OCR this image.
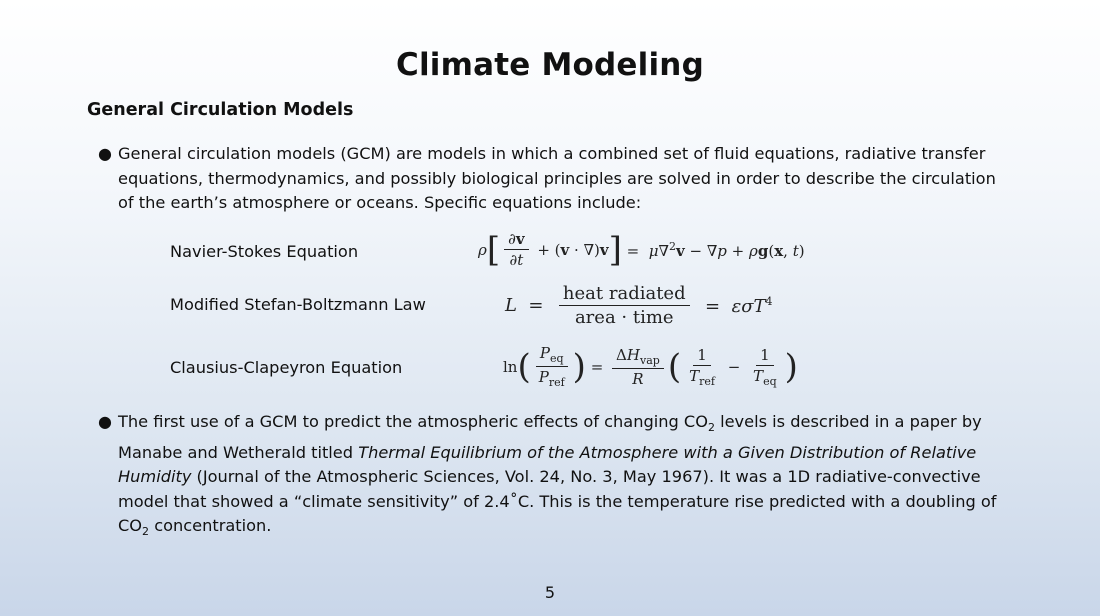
Climate Modeling
General Circulation Models
● General circulation models (GCM) are models in which a combined set of fluid equations, radiative transfer equations, thermodynamics, and possibly biological principles are solved in order to describe the circulation of the earth’s atmosphere or oceans. Specific equations include:
Navier-Stokes Equation	ρ [ $\frac{\partial v}{\partial t} + (v \cdot \nabla)v$ ] =  μ∇$^2$v − ∇p + ρg(x, t)
Modified Stefan-Boltzmann Law	$L = \frac{\text{heat radiated}}{\text{area · time}} = \varepsilon\sigma T^4$
Clausius-Clapeyron Equation	ln ( $\frac{P_{eq}}{P_{ref}}$ ) = $\frac{\Delta H_{vap}}{R}$ ( $\frac{1}{T_{ref}} - \frac{1}{T_{eq}}$ )
● The first use of a GCM to predict the atmospheric effects of changing $CO_2$ levels is described in a paper by Manabe and Wetherald titled Thermal Equilibrium of the Atmosphere with a Given Distribution of Relative Humidity (Journal of the Atmospheric Sciences, Vol. 24, No. 3, May 1967). It was a 1D radiative-convective model that showed a “climate sensitivity” of 2.4˚C. This is the temperature rise predicted with a doubling of $CO_2$ concentration.
5
